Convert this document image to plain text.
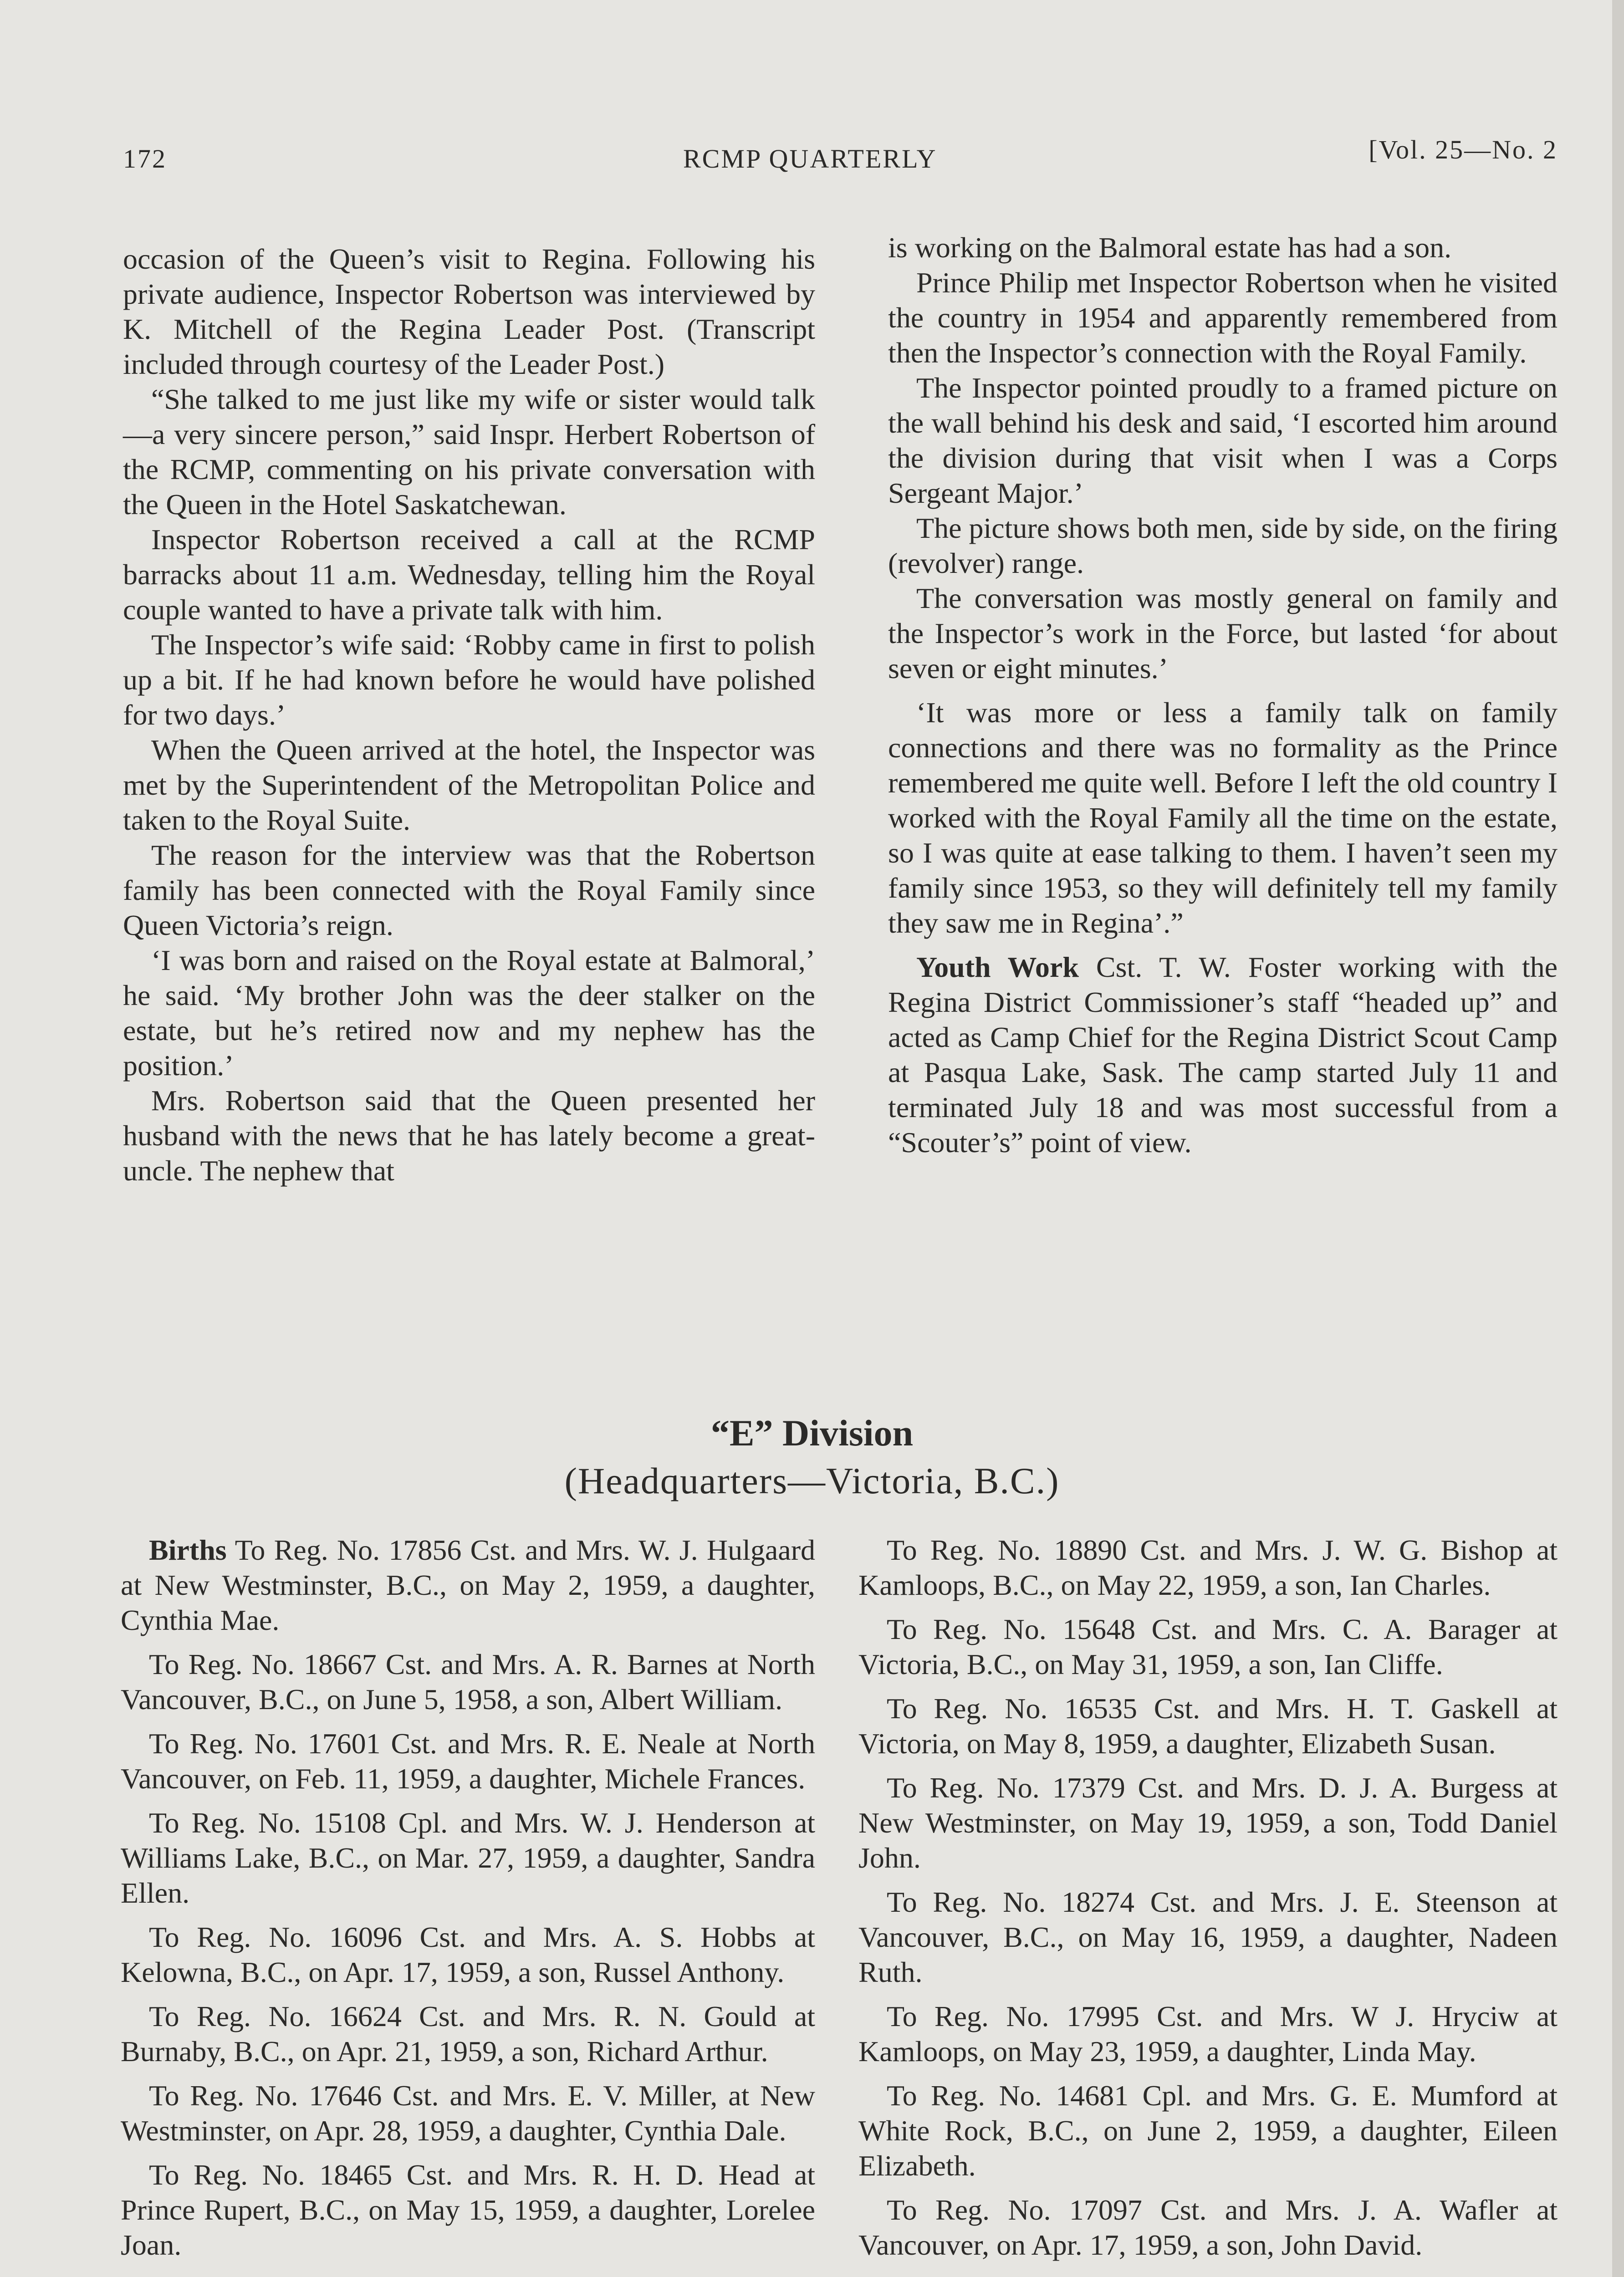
172	RCMP QUARTERLY	[Vol. 25—No. 2

occasion of the Queen’s visit to Regina. Following his private audience, Inspector Robertson was interviewed by K. Mitchell of the Regina Leader Post. (Transcript included through courtesy of the Leader Post.)

“She talked to me just like my wife or sister would talk—a very sincere person,” said Inspr. Herbert Robertson of the RCMP, commenting on his private conversation with the Queen in the Hotel Saskatchewan.

Inspector Robertson received a call at the RCMP barracks about 11 a.m. Wednesday, telling him the Royal couple wanted to have a private talk with him.

The Inspector’s wife said: ‘Robby came in first to polish up a bit. If he had known before he would have polished for two days.’

When the Queen arrived at the hotel, the Inspector was met by the Superintendent of the Metropolitan Police and taken to the Royal Suite.

The reason for the interview was that the Robertson family has been connected with the Royal Family since Queen Victoria’s reign.

‘I was born and raised on the Royal estate at Balmoral,’ he said. ‘My brother John was the deer stalker on the estate, but he’s retired now and my nephew has the position.’

Mrs. Robertson said that the Queen presented her husband with the news that he has lately become a great-uncle. The nephew that

is working on the Balmoral estate has had a son.

Prince Philip met Inspector Robertson when he visited the country in 1954 and apparently remembered from then the Inspector’s connection with the Royal Family.

The Inspector pointed proudly to a framed picture on the wall behind his desk and said, ‘I escorted him around the division during that visit when I was a Corps Sergeant Major.’

The picture shows both men, side by side, on the firing (revolver) range.

The conversation was mostly general on family and the Inspector’s work in the Force, but lasted ‘for about seven or eight minutes.’

‘It was more or less a family talk on family connections and there was no formality as the Prince remembered me quite well. Before I left the old country I worked with the Royal Family all the time on the estate, so I was quite at ease talking to them. I haven’t seen my family since 1953, so they will definitely tell my family they saw me in Regina’.”

Youth Work Cst. T. W. Foster working with the Regina District Commissioner’s staff “headed up” and acted as Camp Chief for the Regina District Scout Camp at Pasqua Lake, Sask. The camp started July 11 and terminated July 18 and was most successful from a “Scouter’s” point of view.

“E” Division
(Headquarters—Victoria, B.C.)

Births To Reg. No. 17856 Cst. and Mrs. W. J. Hulgaard at New Westminster, B.C., on May 2, 1959, a daughter, Cynthia Mae.

To Reg. No. 18667 Cst. and Mrs. A. R. Barnes at North Vancouver, B.C., on June 5, 1958, a son, Albert William.

To Reg. No. 17601 Cst. and Mrs. R. E. Neale at North Vancouver, on Feb. 11, 1959, a daughter, Michele Frances.

To Reg. No. 15108 Cpl. and Mrs. W. J. Henderson at Williams Lake, B.C., on Mar. 27, 1959, a daughter, Sandra Ellen.

To Reg. No. 16096 Cst. and Mrs. A. S. Hobbs at Kelowna, B.C., on Apr. 17, 1959, a son, Russel Anthony.

To Reg. No. 16624 Cst. and Mrs. R. N. Gould at Burnaby, B.C., on Apr. 21, 1959, a son, Richard Arthur.

To Reg. No. 17646 Cst. and Mrs. E. V. Miller, at New Westminster, on Apr. 28, 1959, a daughter, Cynthia Dale.

To Reg. No. 18465 Cst. and Mrs. R. H. D. Head at Prince Rupert, B.C., on May 15, 1959, a daughter, Lorelee Joan.

To Reg. No. 18890 Cst. and Mrs. J. W. G. Bishop at Kamloops, B.C., on May 22, 1959, a son, Ian Charles.

To Reg. No. 15648 Cst. and Mrs. C. A. Barager at Victoria, B.C., on May 31, 1959, a son, Ian Cliffe.

To Reg. No. 16535 Cst. and Mrs. H. T. Gaskell at Victoria, on May 8, 1959, a daughter, Elizabeth Susan.

To Reg. No. 17379 Cst. and Mrs. D. J. A. Burgess at New Westminster, on May 19, 1959, a son, Todd Daniel John.

To Reg. No. 18274 Cst. and Mrs. J. E. Steenson at Vancouver, B.C., on May 16, 1959, a daughter, Nadeen Ruth.

To Reg. No. 17995 Cst. and Mrs. W J. Hryciw at Kamloops, on May 23, 1959, a daughter, Linda May.

To Reg. No. 14681 Cpl. and Mrs. G. E. Mumford at White Rock, B.C., on June 2, 1959, a daughter, Eileen Elizabeth.

To Reg. No. 17097 Cst. and Mrs. J. A. Wafler at Vancouver, on Apr. 17, 1959, a son, John David.
